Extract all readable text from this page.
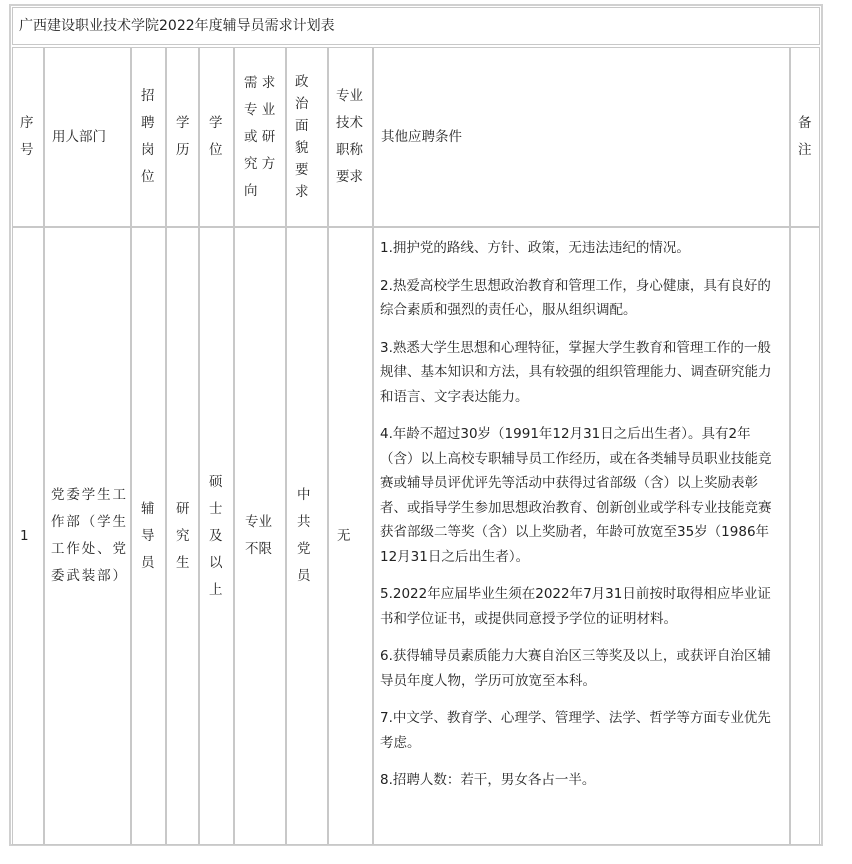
广西建设职业技术学院2022年度辅导员需求计划表
序
号
用人部门
招
聘
岗
位
学
历
学
位
需 求
专 业
或 研
究 方
向
政
治
面
貌
要
求
专业
技术
职称
要求
其他应聘条件
备
注
1
党委学生工作部（学生工作处、党委武装部）
辅
导
员
研
究
生
硕
士
及
以
上
专业
不限
中
共
党
员
无
1.拥护党的路线、方针、政策，无违法违纪的情况。
2.热爱高校学生思想政治教育和管理工作，身心健康，具有良好的综合素质和强烈的责任心，服从组织调配。
3.熟悉大学生思想和心理特征，掌握大学生教育和管理工作的一般规律、基本知识和方法，具有较强的组织管理能力、调查研究能力和语言、文字表达能力。
4.年龄不超过30岁（1991年12月31日之后出生者）。具有2年（含）以上高校专职辅导员工作经历，或在各类辅导员职业技能竞赛或辅导员评优评先等活动中获得过省部级（含）以上奖励表彰者、或指导学生参加思想政治教育、创新创业或学科专业技能竞赛获省部级二等奖（含）以上奖励者，年龄可放宽至35岁（1986年12月31日之后出生者）。
5.2022年应届毕业生须在2022年7月31日前按时取得相应毕业证书和学位证书，或提供同意授予学位的证明材料。
6.获得辅导员素质能力大赛自治区三等奖及以上，或获评自治区辅导员年度人物，学历可放宽至本科。
7.中文学、教育学、心理学、管理学、法学、哲学等方面专业优先考虑。
8.招聘人数：若干，男女各占一半。
